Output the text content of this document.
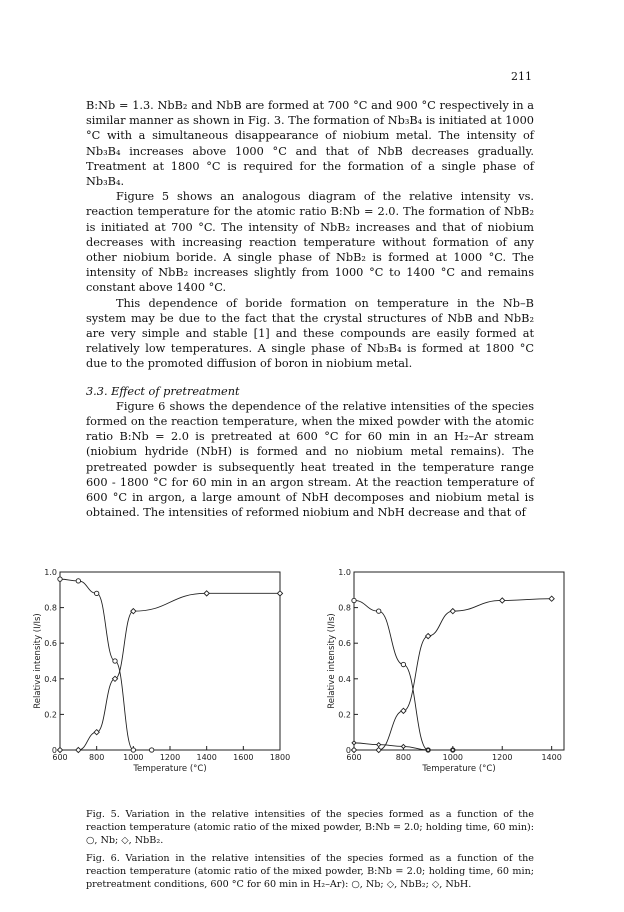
211

B:Nb = 1.3. NbB₂ and NbB are formed at 700 °C and 900 °C respectively in a similar manner as shown in Fig. 3. The formation of Nb₃B₄ is initiated at 1000 °C with a simultaneous disappearance of niobium metal. The intensity of Nb₃B₄ increases above 1000 °C and that of NbB decreases gradually. Treatment at 1800 °C is required for the formation of a single phase of Nb₃B₄.

Figure 5 shows an analogous diagram of the relative intensity vs. reaction temperature for the atomic ratio B:Nb = 2.0. The formation of NbB₂ is initiated at 700 °C. The intensity of NbB₂ increases and that of niobium decreases with increasing reaction temperature without formation of any other niobium boride. A single phase of NbB₂ is formed at 1000 °C. The intensity of NbB₂ increases slightly from 1000 °C to 1400 °C and remains constant above 1400 °C.

This dependence of boride formation on temperature in the Nb–B system may be due to the fact that the crystal structures of NbB and NbB₂ are very simple and stable [1] and these compounds are easily formed at relatively low temperatures. A single phase of Nb₃B₄ is formed at 1800 °C due to the promoted diffusion of boron in niobium metal.

3.3. Effect of pretreatment

Figure 6 shows the dependence of the relative intensities of the species formed on the reaction temperature, when the mixed powder with the atomic ratio B:Nb = 2.0 is pretreated at 600 °C for 60 min in an H₂–Ar stream (niobium hydride (NbH) is formed and no niobium metal remains). The pretreated powder is subsequently heat treated in the temperature range 600 - 1800 °C for 60 min in an argon stream. At the reaction temperature of 600 °C in argon, a large amount of NbH decomposes and niobium metal is obtained. The intensities of reformed niobium and NbH decrease and that of

0
0.2
0.4
0.6
0.8
1.0
600	800 1000 1200 1400 1600 1800
Temperature (°C)
Relative intensity (I/Is)
0
0.2
0.4
0.6
0.8
1.0
600	800	1000	1200	1400
Temperature (°C)
Relative intensity (I/Is)
Fig. 5. Variation in the relative intensities of the species formed as a function of the reaction temperature (atomic ratio of the mixed powder, B:Nb = 2.0; holding time, 60 min): ○, Nb; ◇, NbB₂.
Fig. 6. Variation in the relative intensities of the species formed as a function of the reaction temperature (atomic ratio of the mixed powder, B:Nb = 2.0; holding time, 60 min; pretreatment conditions, 600 °C for 60 min in H₂–Ar): ○, Nb; ◇, NbB₂; ◇, NbH.
